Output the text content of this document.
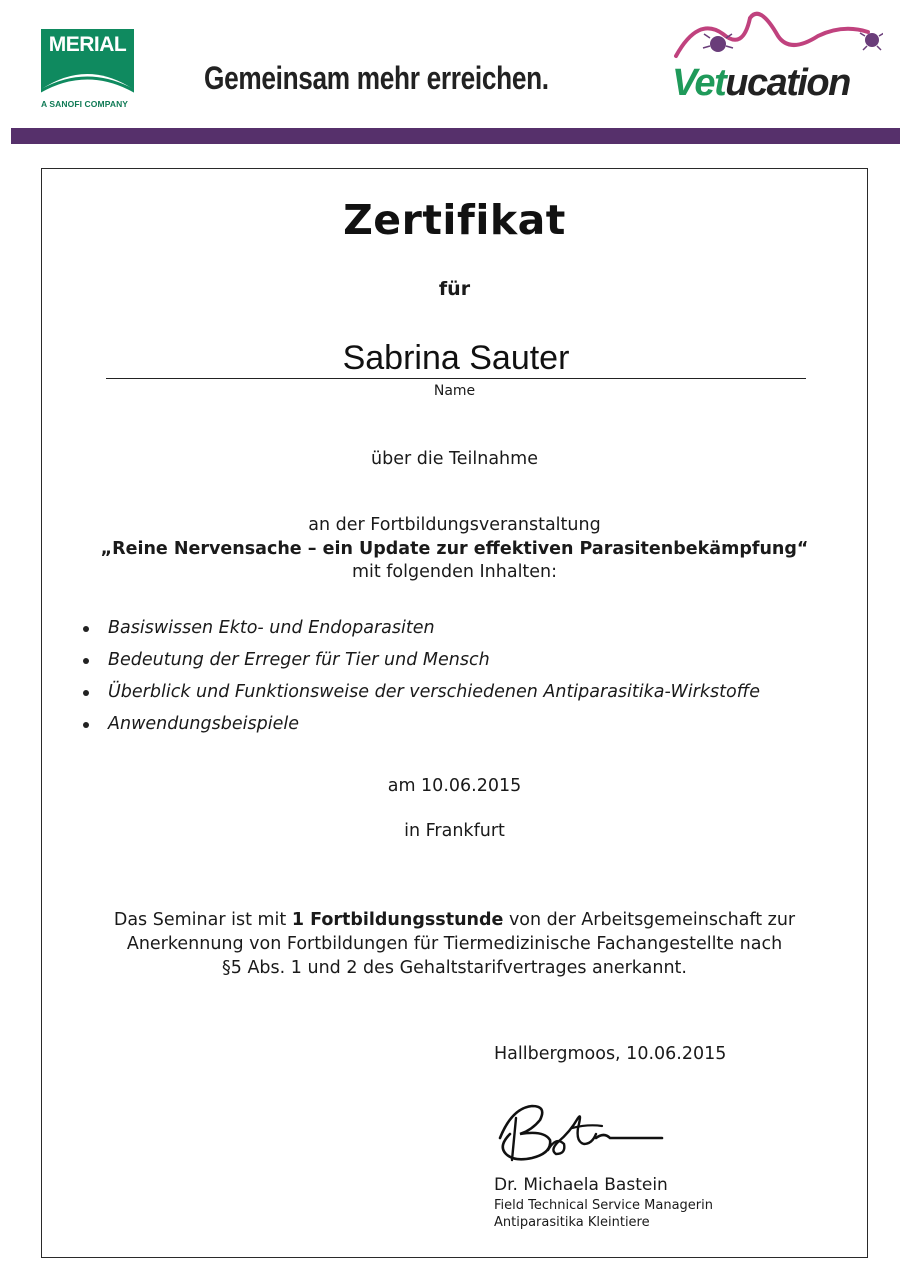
MERIAL
A SANOFI COMPANY
Gemeinsam mehr erreichen.	Vetucation
Zertifikat
für
Sabrina Sauter
Name
über die Teilnahme
an der Fortbildungsveranstaltung
„Reine Nervensache – ein Update zur effektiven Parasitenbekämpfung“
mit folgenden Inhalten:
Basiswissen Ekto- und Endoparasiten
Bedeutung der Erreger für Tier und Mensch
Überblick und Funktionsweise der verschiedenen Antiparasitika-Wirkstoffe
Anwendungsbeispiele
am 10.06.2015
in Frankfurt
Das Seminar ist mit 1 Fortbildungsstunde von der Arbeitsgemeinschaft zur
Anerkennung von Fortbildungen für Tiermedizinische Fachangestellte nach
§5 Abs. 1 und 2 des Gehaltstarifvertrages anerkannt.
Hallbergmoos, 10.06.2015
Dr. Michaela Bastein
Field Technical Service Managerin
Antiparasitika Kleintiere
